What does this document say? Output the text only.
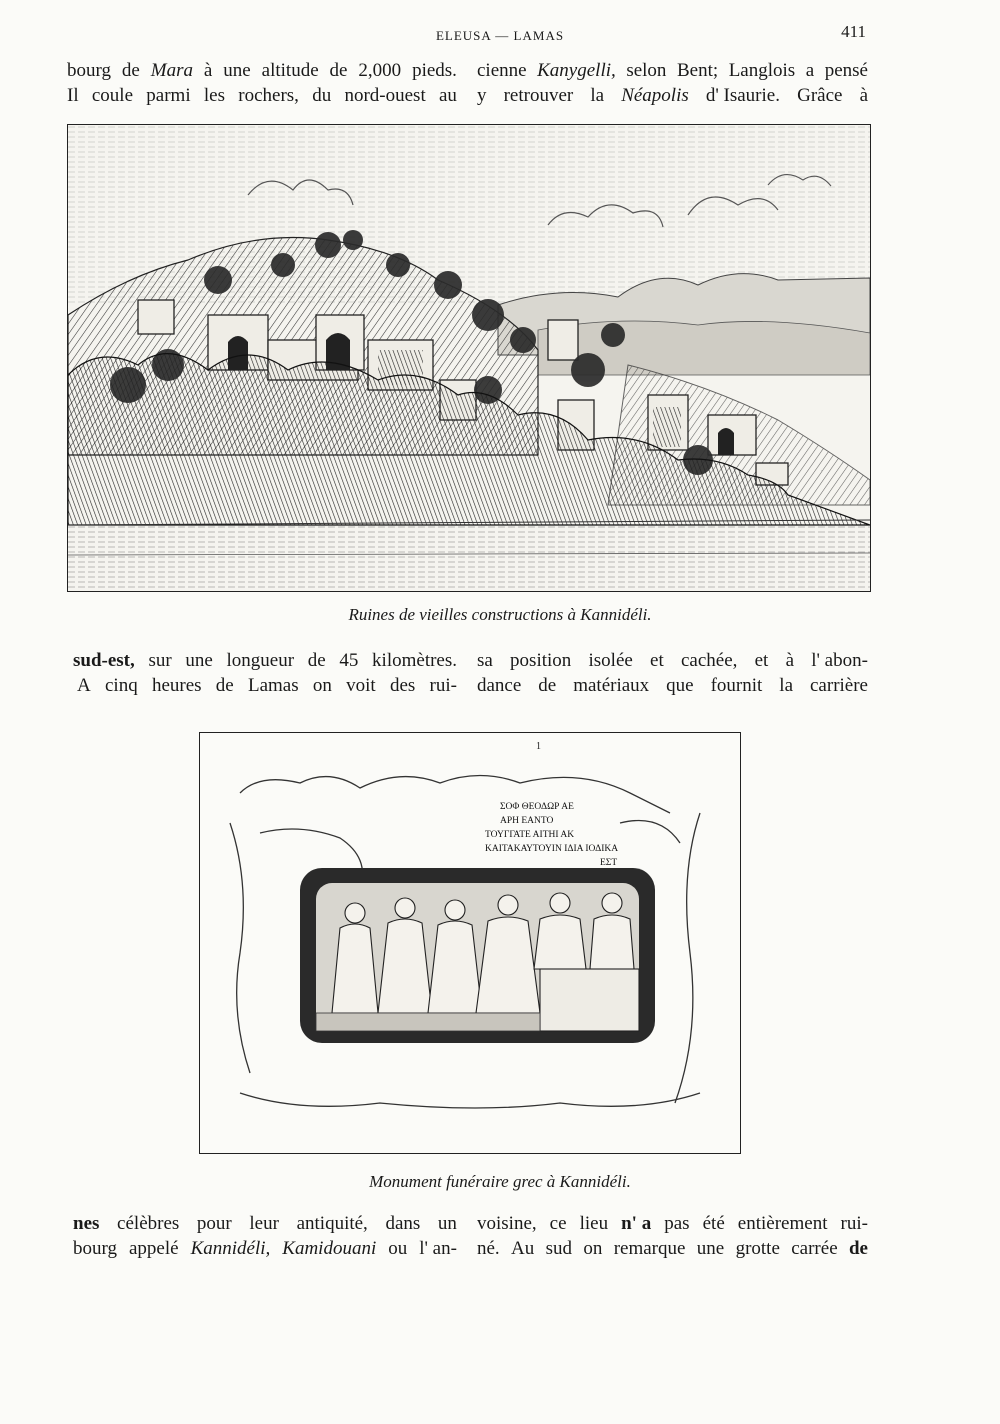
ELEUSA — LAMAS	411
bourg de Mara à une altitude de 2,000 pieds.
Il coule parmi les rochers, du nord-ouest au
cienne Kanygelli, selon Bent; Langlois a pensé
y retrouver la Néapolis d' Isaurie. Grâce à
Ruines de vieilles constructions à Kannidéli.
sud-est, sur une longueur de 45 kilomètres.
A cinq heures de Lamas on voit des rui-
sa position isolée et cachée, et à l' abon-
dance de matériaux que fournit la carrière
1
ΣΟΦ ΘΕΟΔΩΡ ΑΕ
ΑΡΗ ΕΑΝΤΟ
ΤΟΥΓΓΑΤΕ ΑΙΤΗΙ ΑΚ
ΚΑΙΤΑΚΑΥΤΟΥΙΝ ΙΔΙΑ ΙΟΔΙΚΑ
ΕΣΤ
Monument funéraire grec à Kannidéli.
nes célèbres pour leur antiquité, dans un
bourg appelé Kannidéli, Kamidouani ou l' an-
voisine, ce lieu n' a pas été entièrement rui-
né. Au sud on remarque une grotte carrée de
